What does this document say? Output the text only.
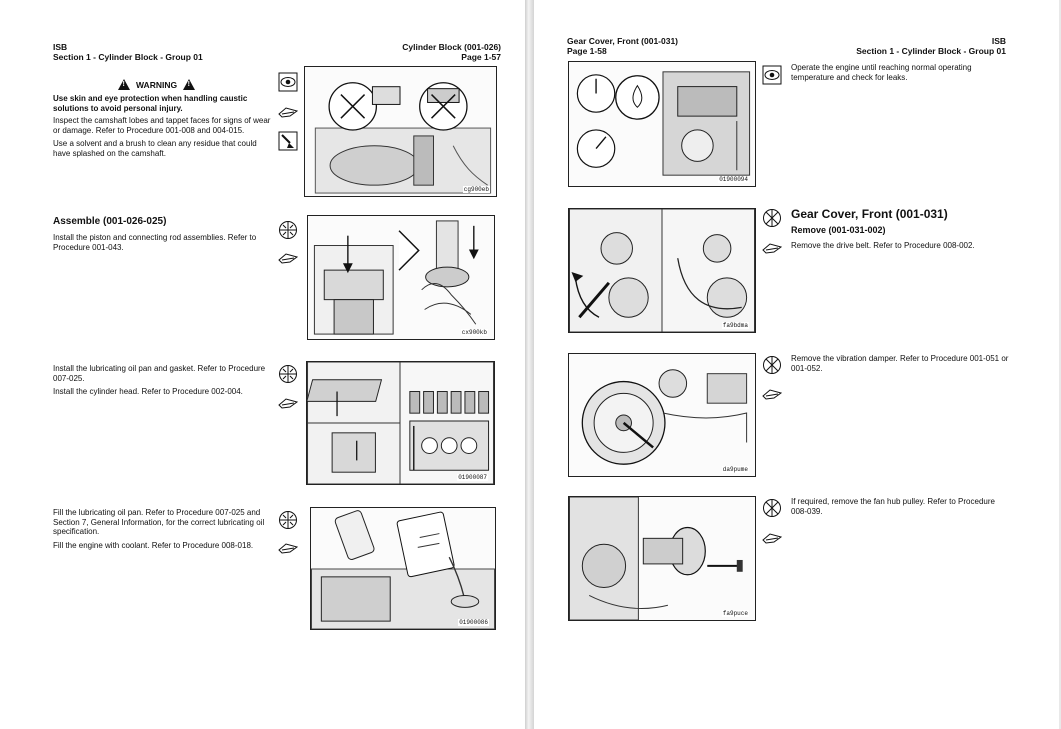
ISB
Section 1 - Cylinder Block - Group 01
Cylinder Block (001-026)
Page 1-57
!
WARNING
!
Use skin and eye protection when handling caustic solutions to avoid personal injury.

Inspect the camshaft lobes and tappet faces for signs of wear or damage. Refer to Procedure 001-008 and 004-015.

Use a solvent and a brush to clean any residue that could have splashed on the camshaft.

cg900eb
Assemble (001-026-025)

Install the piston and connecting rod assemblies. Refer to Procedure 001-043.

cx900kb

Install the lubricating oil pan and gasket. Refer to Procedure 007-025.

Install the cylinder head. Refer to Procedure 002-004.

01900087

Fill the lubricating oil pan. Refer to Procedure 007-025 and Section 7, General Information, for the correct lubricating oil specification.

Fill the engine with coolant. Refer to Procedure 008-018.

01900086
Gear Cover, Front (001-031)
Page 1-58
ISB
Section 1 - Cylinder Block - Group 01
01900094

Operate the engine until reaching normal operating temperature and check for leaks.

fa9bdma
Gear Cover, Front (001-031)
Remove (001-031-002)

Remove the drive belt. Refer to Procedure 008-002.

da9pume

Remove the vibration damper. Refer to Procedure 001-051 or 001-052.

fa9puce

If required, remove the fan hub pulley. Refer to Procedure 008-039.
